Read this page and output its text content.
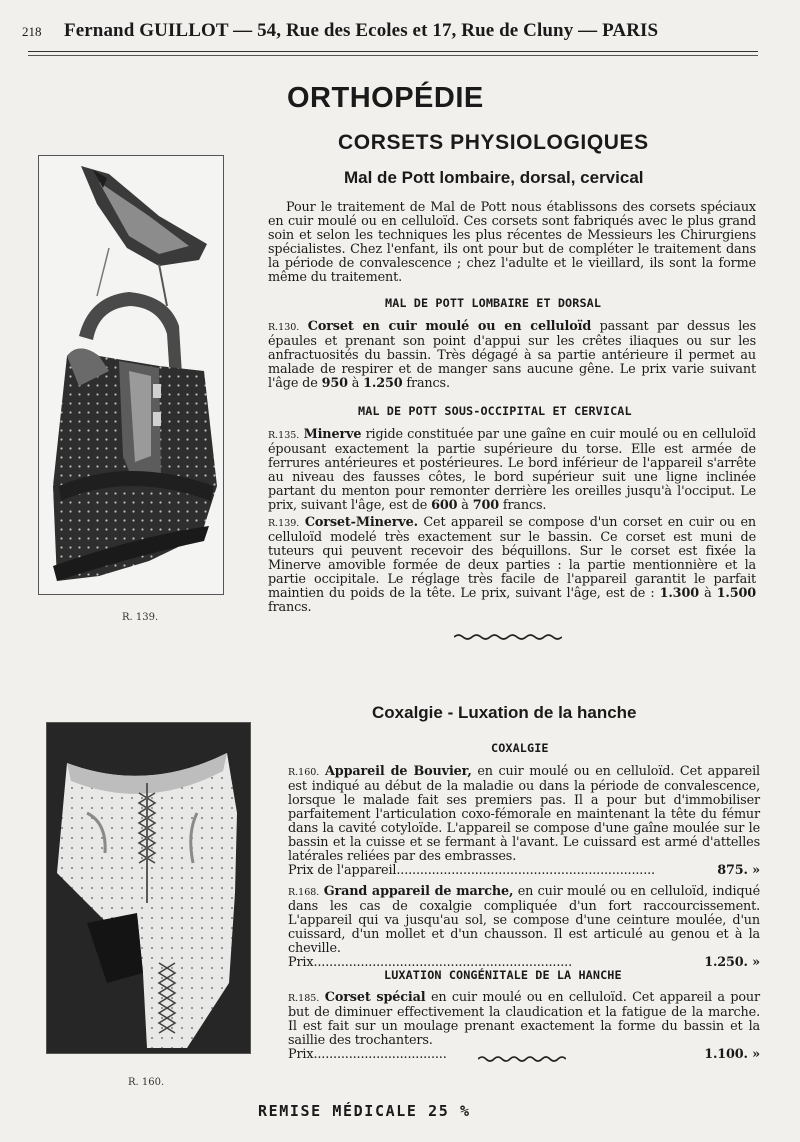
218 Fernand GUILLOT — 54, Rue des Ecoles et 17, Rue de Cluny — PARIS
ORTHOPÉDIE
CORSETS PHYSIOLOGIQUES
Mal de Pott lombaire, dorsal, cervical
R. 139.

Pour le traitement de Mal de Pott nous établissons des corsets spéciaux en cuir moulé ou en celluloïd. Ces corsets sont fabriqués avec le plus grand soin et selon les techniques les plus récentes de Messieurs les Chirurgiens spécialistes. Chez l'enfant, ils ont pour but de compléter le traitement dans la période de convalescence ; chez l'adulte et le vieillard, ils sont la forme même du traitement.

MAL DE POTT LOMBAIRE ET DORSAL

R.130. Corset en cuir moulé ou en celluloïd passant par dessus les épaules et prenant son point d'appui sur les crêtes iliaques ou sur les anfractuosités du bassin. Très dégagé à sa partie antérieure il permet au malade de respirer et de manger sans aucune gêne. Le prix varie suivant l'âge de 950 à 1.250 francs.

MAL DE POTT SOUS-OCCIPITAL ET CERVICAL

R.135. Minerve rigide constituée par une gaîne en cuir moulé ou en celluloïd épousant exactement la partie supérieure du torse. Elle est armée de ferrures antérieures et postérieures. Le bord inférieur de l'appareil s'arrête au niveau des fausses côtes, le bord supérieur suit une ligne inclinée partant du menton pour remonter derrière les oreilles jusqu'à l'occiput. Le prix, suivant l'âge, est de 600 à 700 francs.

R.139. Corset-Minerve. Cet appareil se compose d'un corset en cuir ou en celluloïd modelé très exactement sur le bassin. Ce corset est muni de tuteurs qui peuvent recevoir des béquillons. Sur le corset est fixée la Minerve amovible formée de deux parties : la partie mentionnière et la partie occipitale. Le réglage très facile de l'appareil garantit le parfait maintien du poids de la tête. Le prix, suivant l'âge, est de : 1.300 à 1.500 francs.

R. 160.
Coxalgie - Luxation de la hanche
COXALGIE

R.160. Appareil de Bouvier, en cuir moulé ou en celluloïd. Cet appareil est indiqué au début de la maladie ou dans la période de convalescence, lorsque le malade fait ses premiers pas. Il a pour but d'immobiliser parfaitement l'articulation coxo-fémorale en maintenant la tête du fémur dans la cavité cotyloïde. L'appareil se compose d'une gaîne moulée sur le bassin et la cuisse et se fermant à l'avant. Le cuissard est armé d'attelles latérales reliées par des embrasses.

Prix de l'appareil ..................................................................	875. »

R.168. Grand appareil de marche, en cuir moulé ou en celluloïd, indiqué dans les cas de coxalgie compliquée d'un fort raccourcissement. L'appareil qui va jusqu'au sol, se compose d'une ceinture moulée, d'un cuissard, d'un mollet et d'un chausson. Il est articulé au genou et à la cheville.

Prix ..................................................................	1.250. »
LUXATION CONGÉNITALE DE LA HANCHE

R.185. Corset spécial en cuir moulé ou en celluloïd. Cet appareil a pour but de diminuer effectivement la claudication et la fatigue de la marche. Il est fait sur un moulage prenant exactement la forme du bassin et la saillie des trochanters.

Prix ..................................	1.100. »
REMISE MÉDICALE 25 %
